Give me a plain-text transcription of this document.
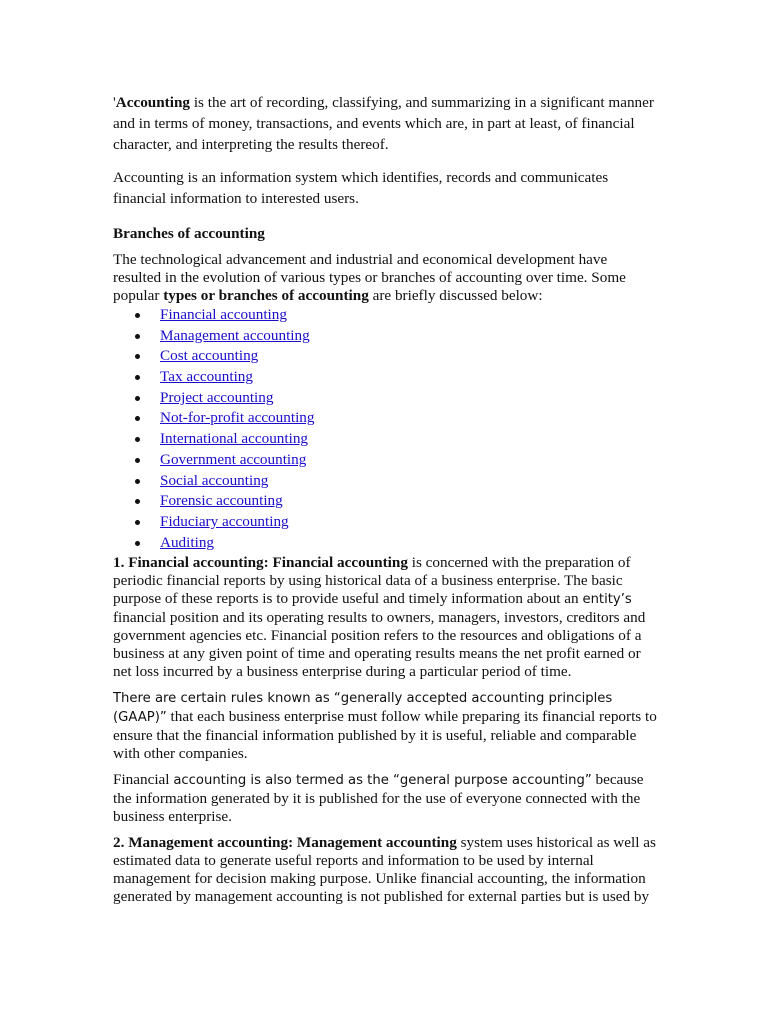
'Accounting is the art of recording, classifying, and summarizing in a significant manner and in terms of money, transactions, and events which are, in part at least, of financial character, and interpreting the results thereof.

Accounting is an information system which identifies, records and communicates financial information to interested users.

Branches of accounting

The technological advancement and industrial and economical development have resulted in the evolution of various types or branches of accounting over time. Some popular types or branches of accounting are briefly discussed below:

Financial accounting
Management accounting
Cost accounting
Tax accounting
Project accounting
Not-for-profit accounting
International accounting
Government accounting
Social accounting
Forensic accounting
Fiduciary accounting
Auditing

1. Financial accounting: Financial accounting is concerned with the preparation of periodic financial reports by using historical data of a business enterprise. The basic purpose of these reports is to provide useful and timely information about an entity’s financial position and its operating results to owners, managers, investors, creditors and government agencies etc. Financial position refers to the resources and obligations of a business at any given point of time and operating results means the net profit earned or net loss incurred by a business enterprise during a particular period of time.

There are certain rules known as “generally accepted accounting principles (GAAP)” that each business enterprise must follow while preparing its financial reports to ensure that the financial information published by it is useful, reliable and comparable with other companies.

Financial accounting is also termed as the “general purpose accounting” because the information generated by it is published for the use of everyone connected with the business enterprise.

2. Management accounting: Management accounting system uses historical as well as estimated data to generate useful reports and information to be used by internal management for decision making purpose. Unlike financial accounting, the information generated by management accounting is not published for external parties but is used by
